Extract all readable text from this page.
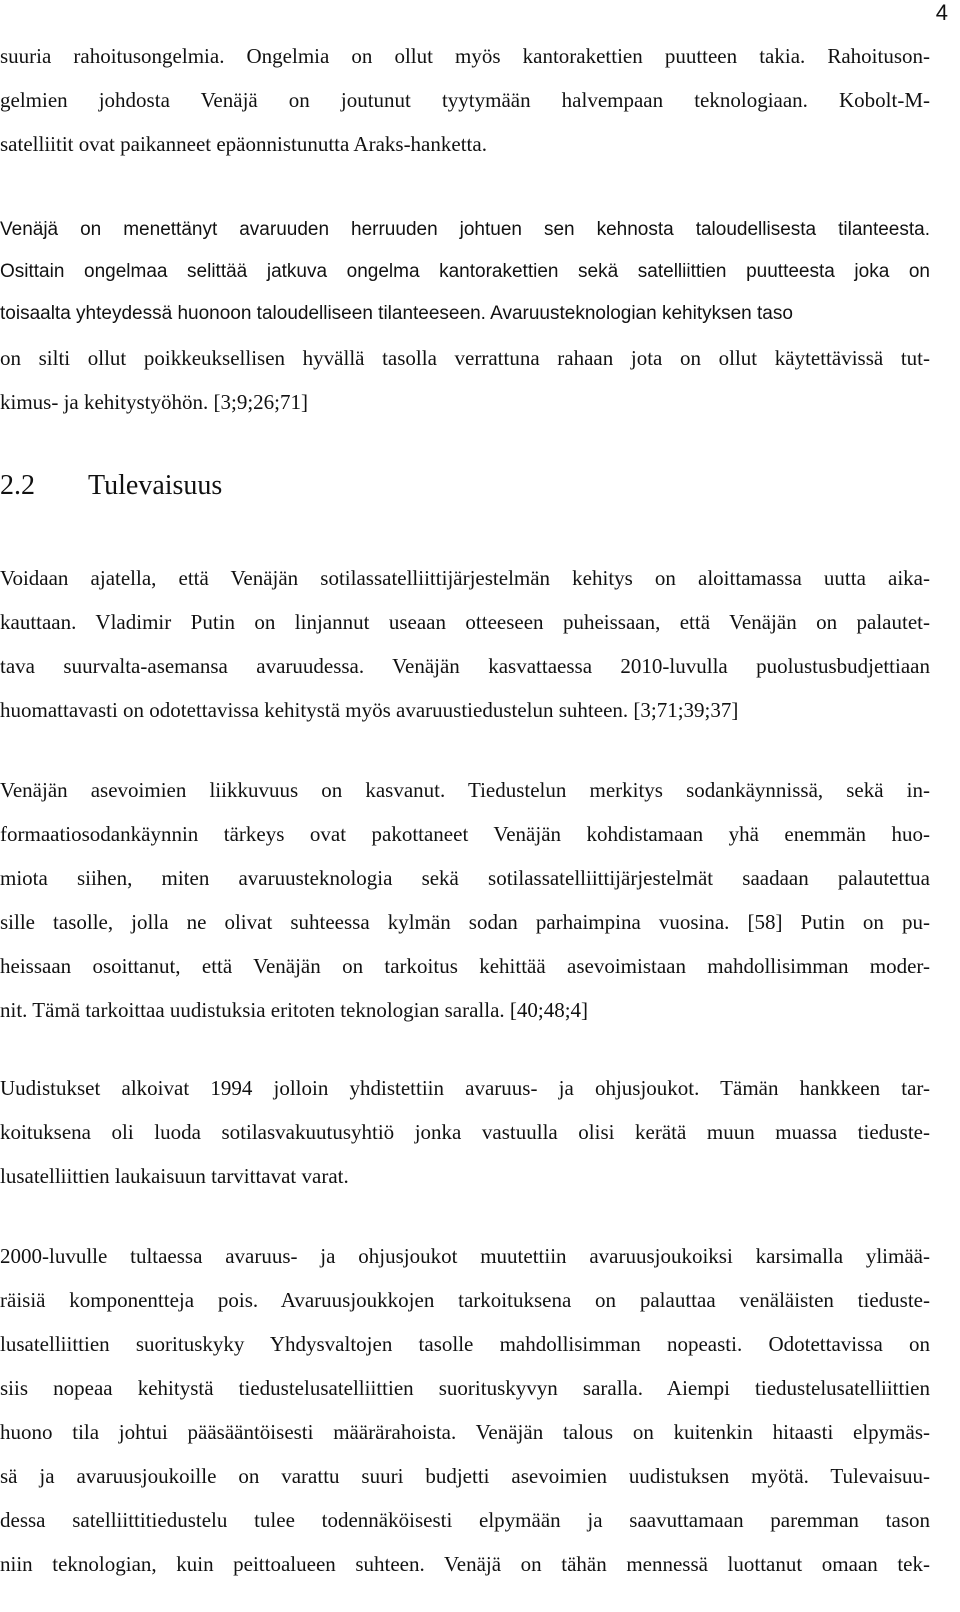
4
suuria rahoitusongelmia. Ongelmia on ollut myös kantorakettien puutteen takia. Rahoituson-
gelmien johdosta Venäjä on joutunut tyytymään halvempaan teknologiaan. Kobolt-M-
satelliitit ovat paikanneet epäonnistunutta Araks-hanketta.
Venäjä on menettänyt avaruuden herruuden johtuen sen kehnosta taloudellisesta tilanteesta.
Osittain ongelmaa selittää jatkuva ongelma kantorakettien sekä satelliittien puutteesta joka on
toisaalta yhteydessä huonoon taloudelliseen tilanteeseen. Avaruusteknologian kehityksen taso
on silti ollut poikkeuksellisen hyvällä tasolla verrattuna rahaan jota on ollut käytettävissä tut-
kimus- ja kehitystyöhön. [3;9;26;71]
2.2 Tulevaisuus
Voidaan ajatella, että Venäjän sotilassatelliittijärjestelmän kehitys on aloittamassa uutta aika-
kauttaan. Vladimir Putin on linjannut useaan otteeseen puheissaan, että Venäjän on palautet-
tava suurvalta-asemansa avaruudessa. Venäjän kasvattaessa 2010-luvulla puolustusbudjettiaan
huomattavasti on odotettavissa kehitystä myös avaruustiedustelun suhteen. [3;71;39;37]
Venäjän asevoimien liikkuvuus on kasvanut. Tiedustelun merkitys sodankäynnissä, sekä in-
formaatiosodankäynnin tärkeys ovat pakottaneet Venäjän kohdistamaan yhä enemmän huo-
miota siihen, miten avaruusteknologia sekä sotilassatelliittijärjestelmät saadaan palautettua
sille tasolle, jolla ne olivat suhteessa kylmän sodan parhaimpina vuosina. [58] Putin on pu-
heissaan osoittanut, että Venäjän on tarkoitus kehittää asevoimistaan mahdollisimman moder-
nit. Tämä tarkoittaa uudistuksia eritoten teknologian saralla. [40;48;4]
Uudistukset alkoivat 1994 jolloin yhdistettiin avaruus- ja ohjusjoukot. Tämän hankkeen tar-
koituksena oli luoda sotilasvakuutusyhtiö jonka vastuulla olisi kerätä muun muassa tiedustе-
lusatelliittien laukaisuun tarvittavat varat.
2000-luvulle tultaessa avaruus- ja ohjusjoukot muutettiin avaruusjoukoiksi karsimalla ylimää-
räisiä komponentteja pois. Avaruusjoukkojen tarkoituksena on palauttaa venäläisten tiedustе-
lusatelliittien suorituskyky Yhdysvaltojen tasolle mahdollisimman nopeasti. Odotettavissa on
siis nopeaa kehitystä tiedustelusatelliittien suorituskyvyn saralla. Aiempi tiedustelusatelliittien
huono tila johtui pääsääntöisesti määrärahoista. Venäjän talous on kuitenkin hitaasti elpymäs-
sä ja avaruusjoukoille on varattu suuri budjetti asevoimien uudistuksen myötä. Tulevaisuu-
dessa satelliittitiedustelu tulee todennäköisesti elpymään ja saavuttamaan paremman tason
niin teknologian, kuin peittoalueen suhteen. Venäjä on tähän mennessä luottanut omaan tek-
